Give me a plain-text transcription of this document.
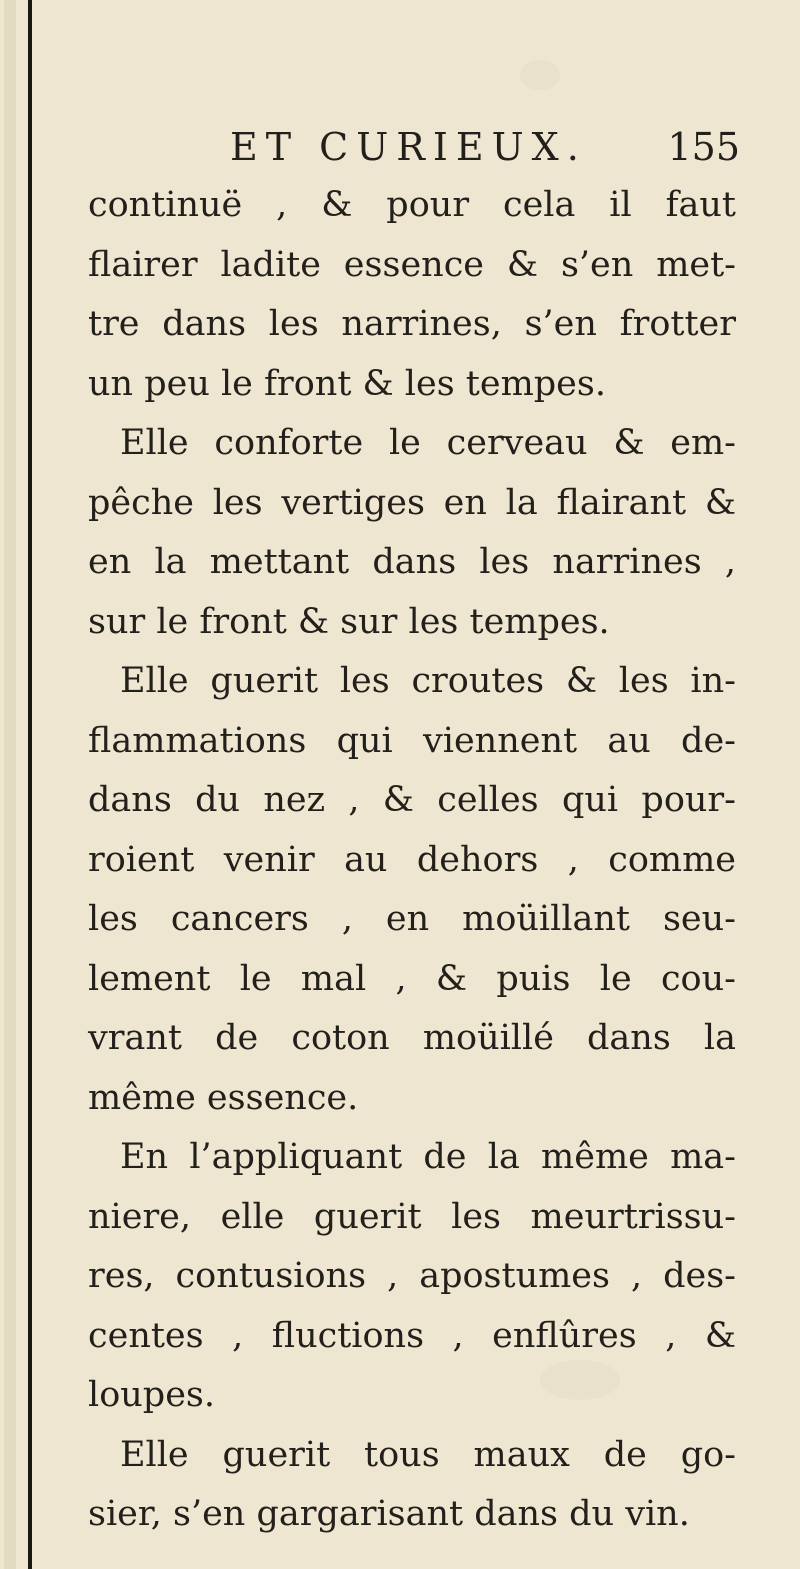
ET CURIEUX. 155
continuë , & pour cela il faut
flairer ladite essence & s’en met-
tre dans les narrines, s’en frotter
un peu le front & les tempes.
Elle conforte le cerveau & em-
pêche les vertiges en la flairant &
en la mettant dans les narrines ,
sur le front & sur les tempes.
Elle guerit les croutes & les in-
flammations qui viennent au de-
dans du nez , & celles qui pour-
roient venir au dehors , comme
les cancers , en moüillant seu-
lement le mal , & puis le cou-
vrant de coton moüillé dans la
même essence.
En l’appliquant de la même ma-
niere, elle guerit les meurtrissu-
res, contusions , apostumes , des-
centes , fluctions , enflûres , &
loupes.
Elle guerit tous maux de go-
sier, s’en gargarisant dans du vin.
